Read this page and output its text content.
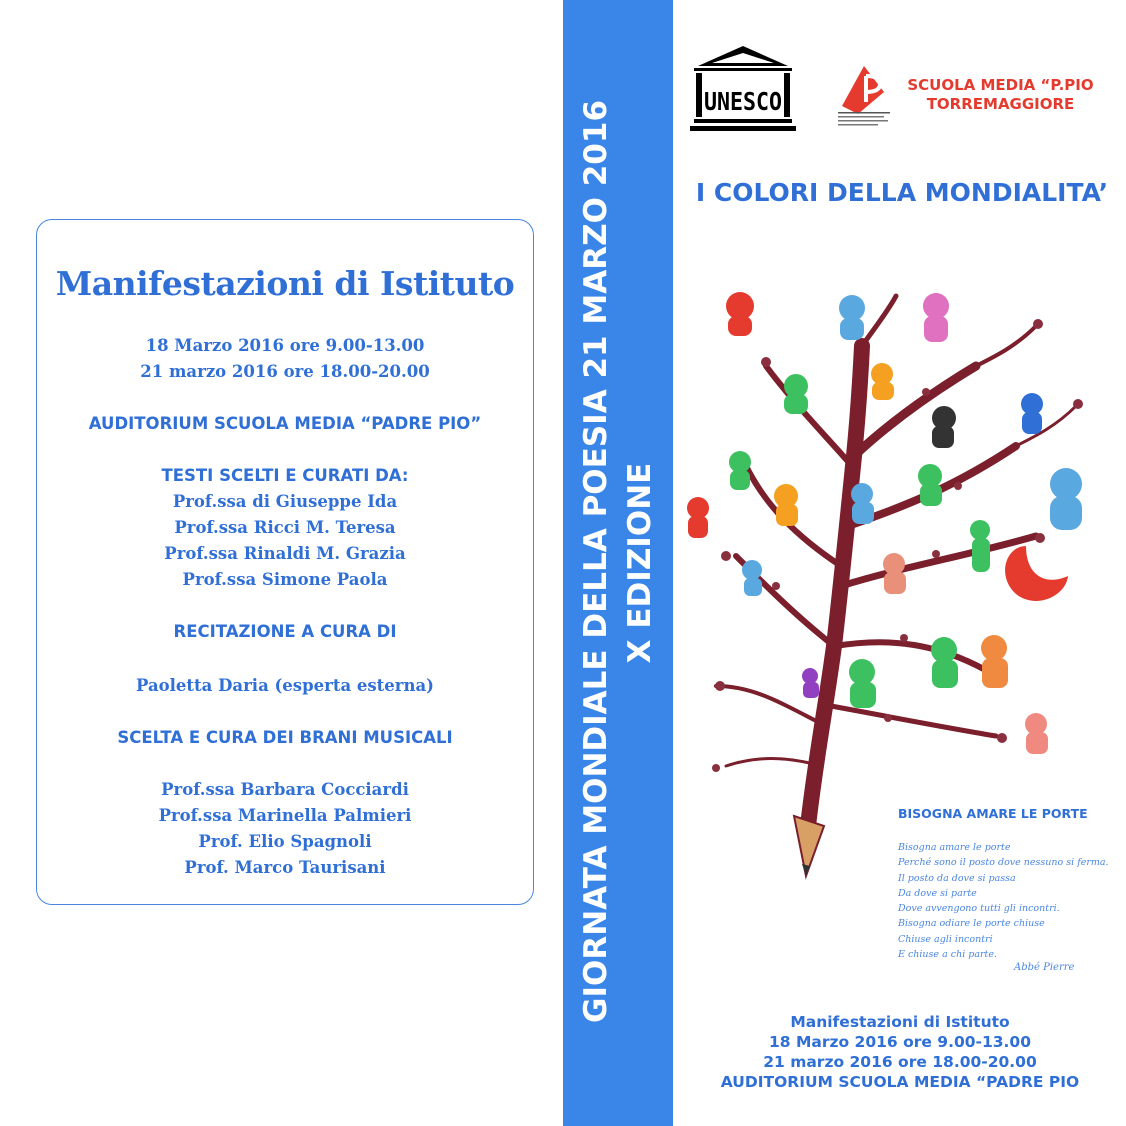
Manifestazioni di Istituto
18 Marzo 2016 ore 9.00-13.00
21 marzo 2016 ore 18.00-20.00
AUDITORIUM SCUOLA MEDIA “PADRE PIO”
TESTI SCELTI E CURATI DA:
Prof.ssa di Giuseppe Ida
Prof.ssa Ricci M. Teresa
Prof.ssa Rinaldi M. Grazia
Prof.ssa Simone Paola
RECITAZIONE A CURA DI
Paoletta Daria (esperta esterna)
SCELTA E CURA DEI BRANI MUSICALI
Prof.ssa Barbara Cocciardi
Prof.ssa Marinella Palmieri
Prof. Elio Spagnoli
Prof. Marco Taurisani	GIORNATA MONDIALE DELLA POESIA 21 MARZO 2016 X EDIZIONE
UNESCO
SCUOLA MEDIA “P.PIO
TORREMAGGIORE
I COLORI DELLA MONDIALITA’
BISOGNA AMARE LE PORTE
Bisogna amare le porte
Perché sono il posto dove nessuno si ferma.
Il posto da dove si passa
Da dove si parte
Dove avvengono tutti gli incontri.
Bisogna odiare le porte chiuse
Chiuse agli incontri
E chiuse a chi parte.
Abbé Pierre
Manifestazioni di Istituto
18 Marzo 2016 ore 9.00-13.00
21 marzo 2016 ore 18.00-20.00
AUDITORIUM SCUOLA MEDIA “PADRE PIO
